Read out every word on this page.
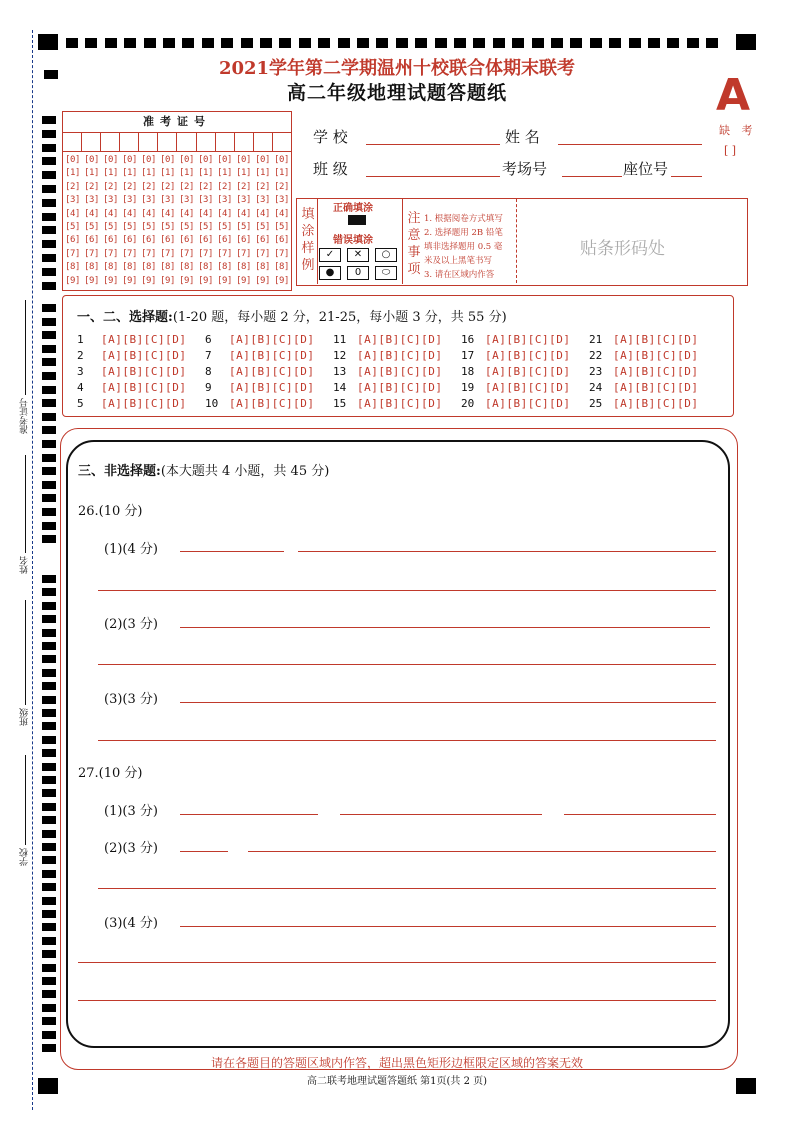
准考证号
姓名
班级
学校
2021学年第二学期温州十校联合体期末联考
高二年级地理试题答题纸	A
缺 考
[ ]
准考证号
[0] [0] [0] [0] [0] [0] [0] [0] [0] [0] [0] [0]
[1] [1] [1] [1] [1] [1] [1] [1] [1] [1] [1] [1]
[2] [2] [2] [2] [2] [2] [2] [2] [2] [2] [2] [2]
[3] [3] [3] [3] [3] [3] [3] [3] [3] [3] [3] [3]
[4] [4] [4] [4] [4] [4] [4] [4] [4] [4] [4] [4]
[5] [5] [5] [5] [5] [5] [5] [5] [5] [5] [5] [5]
[6] [6] [6] [6] [6] [6] [6] [6] [6] [6] [6] [6]
[7] [7] [7] [7] [7] [7] [7] [7] [7] [7] [7] [7]
[8] [8] [8] [8] [8] [8] [8] [8] [8] [8] [8] [8]
[9] [9] [9] [9] [9] [9] [9] [9] [9] [9] [9] [9]
学 校	姓 名
班 级	考场号	座位号
填
涂
样
例
正确填涂
错误填涂
✓	✕	○
●	0	⬭
注
意
事
项
1. 根据阅卷方式填写
2. 选择题用 2B 铅笔
填非选择题用 0.5 毫
米及以上黑笔书写
3. 请在区域内作答
贴条形码处
一、二、选择题:(1-20 题，每小题 2 分，21-25，每小题 3 分，共 55 分)
1 [A][B][C][D]
2 [A][B][C][D]
3 [A][B][C][D]
4 [A][B][C][D]
5 [A][B][C][D]
6 [A][B][C][D]
7 [A][B][C][D]
8 [A][B][C][D]
9 [A][B][C][D]
10 [A][B][C][D]
11 [A][B][C][D]
12 [A][B][C][D]
13 [A][B][C][D]
14 [A][B][C][D]
15 [A][B][C][D]
16 [A][B][C][D]
17 [A][B][C][D]
18 [A][B][C][D]
19 [A][B][C][D]
20 [A][B][C][D]
21 [A][B][C][D]
22 [A][B][C][D]
23 [A][B][C][D]
24 [A][B][C][D]
25 [A][B][C][D]
三、非选择题:(本大题共 4 小题，共 45 分)
26.(10 分)
(1)(4 分)
(2)(3 分)
(3)(3 分)
27.(10 分)
(1)(3 分)
(2)(3 分)
(3)(4 分)
请在各题目的答题区域内作答，超出黑色矩形边框限定区域的答案无效
高二联考地理试题答题纸 第1页(共 2 页)
